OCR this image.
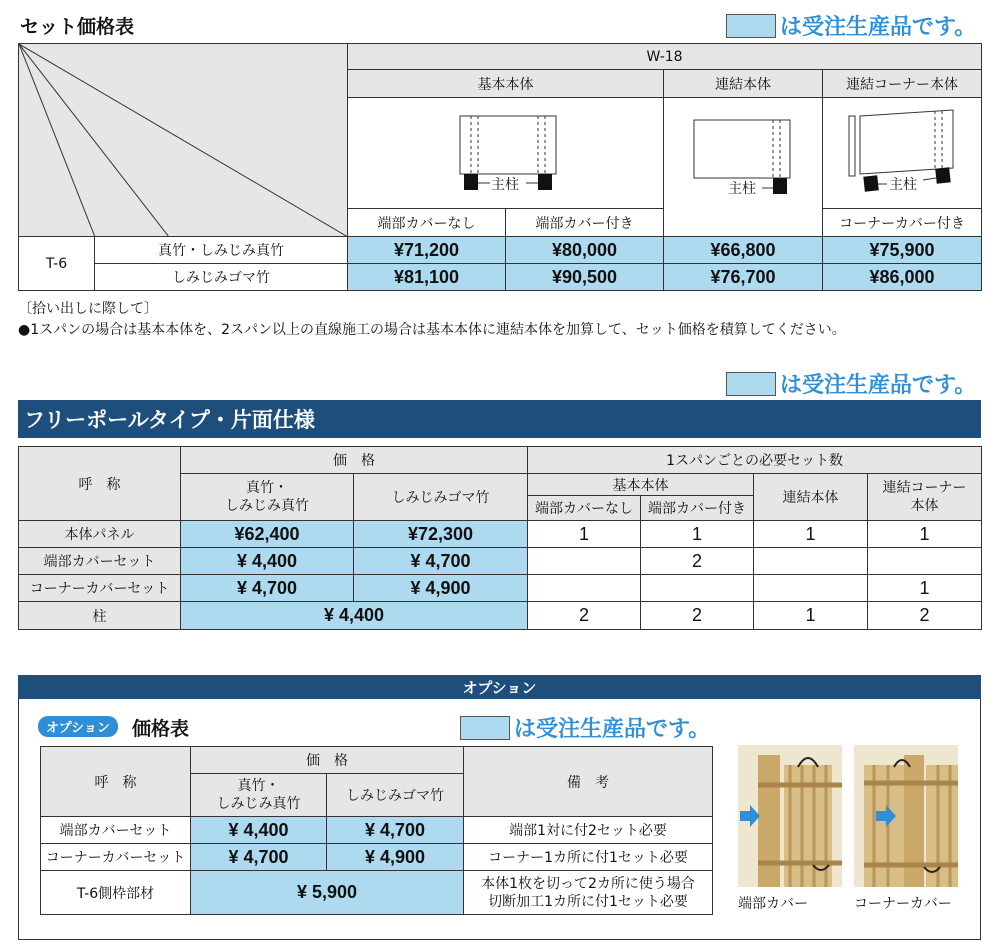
セット価格表	は受注生産品です。
	W-18			
		基本本体		連結本体	連結コーナー本体

		主柱		主柱	主柱

		端部カバーなし	端部カバー付き		コーナーカバー付き
T-6	真竹・しみじみ真竹	¥71,200	¥80,000	¥66,800	¥75,900
	しみじみゴマ竹	¥81,100	¥90,500	¥76,700	¥86,000
〔拾い出しに際して〕
●1スパンの場合は基本本体を、2スパン以上の直線施工の場合は基本本体に連結本体を加算して、セット価格を積算してください。
は受注生産品です。
フリーポールタイプ・片面仕様
呼　称	価　格		1スパンごとの必要セット数			
	真竹・
しみじみ真竹	しみじみゴマ竹	基本本体		連結本体	連結コーナー
本体
			端部カバーなし	端部カバー付き		
本体パネル	¥62,400	¥72,300	1	1	1	1
端部カバーセット	¥ 4,400	¥ 4,700		2		
コーナーカバーセット	¥ 4,700	¥ 4,900				1
柱	¥ 4,400		2	2	1	2
オプション
オプション	価格表	は受注生産品です。
呼　称	価　格		備　考
	真竹・
しみじみ真竹	しみじみゴマ竹	
端部カバーセット	¥ 4,400	¥ 4,700	端部1対に付2セット必要
コーナーカバーセット	¥ 4,700	¥ 4,900	コーナー1カ所に付1セット必要
T-6側枠部材	¥ 5,900		本体1枚を切って2カ所に使う場合
切断加工1カ所に付1セット必要	端部カバー	コーナーカバー
